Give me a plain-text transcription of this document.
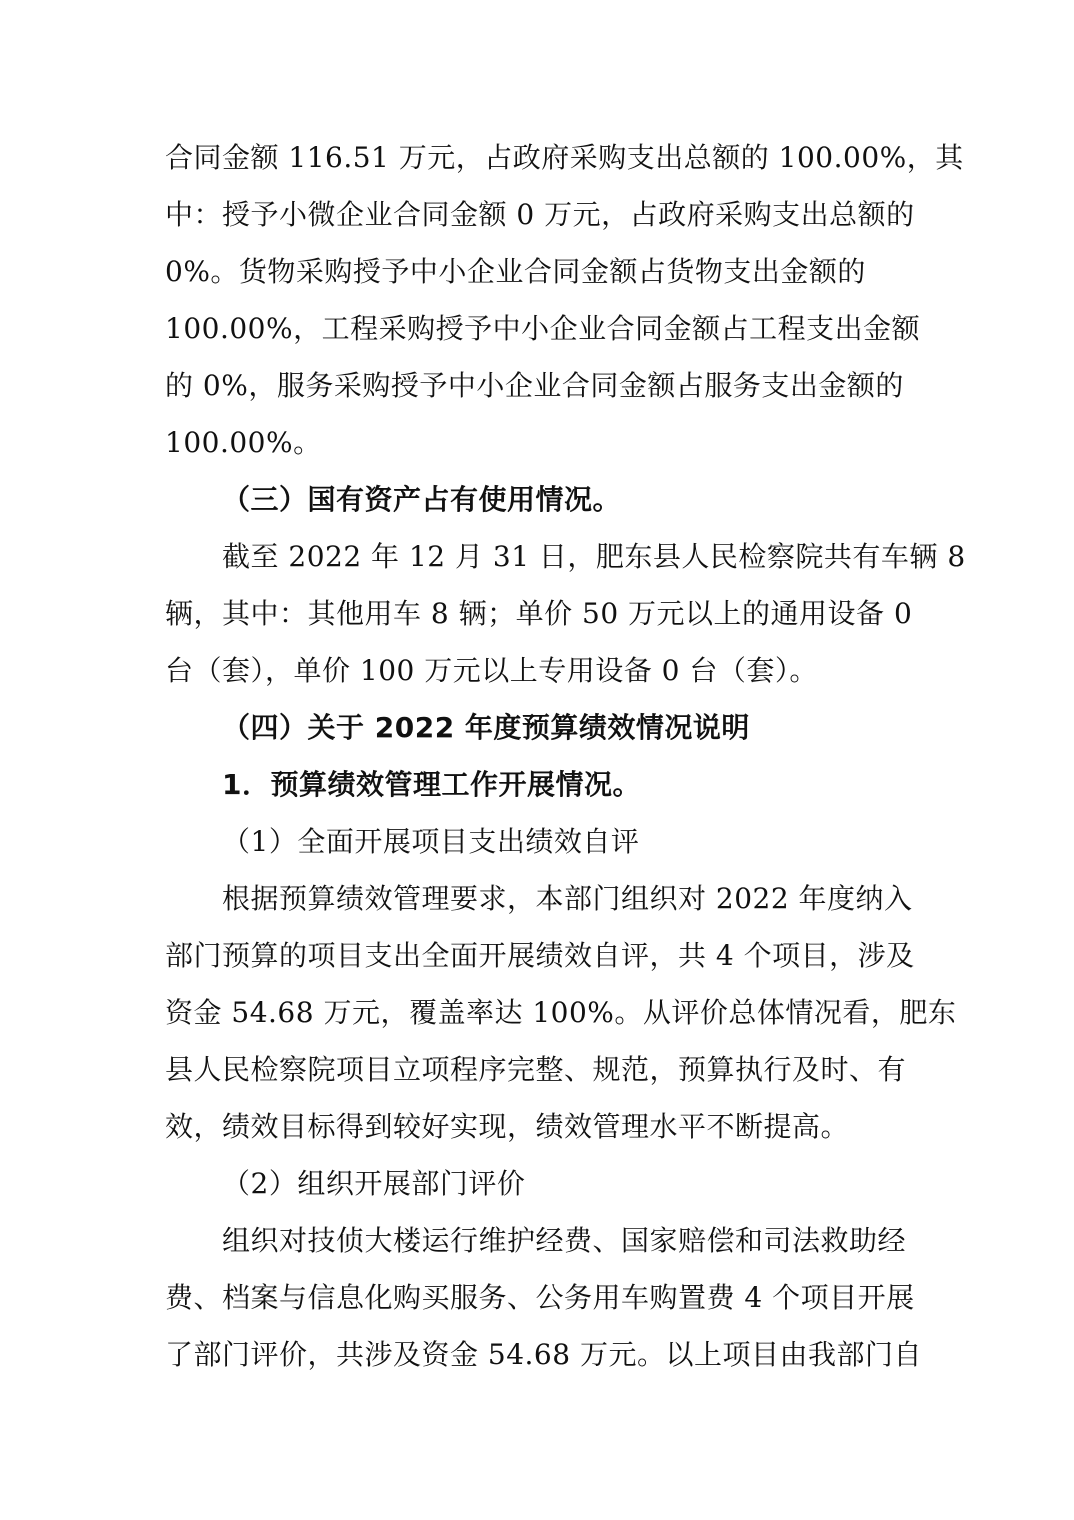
合同金额 116.51 万元，占政府采购支出总额的 100.00%，其
中：授予小微企业合同金额 0 万元，占政府采购支出总额的
0%。货物采购授予中小企业合同金额占货物支出金额的
100.00%，工程采购授予中小企业合同金额占工程支出金额
的 0%，服务采购授予中小企业合同金额占服务支出金额的
100.00%。
（三）国有资产占有使用情况。
截至 2022 年 12 月 31 日，肥东县人民检察院共有车辆 8
辆，其中：其他用车 8 辆；单价 50 万元以上的通用设备 0
台（套），单价 100 万元以上专用设备 0 台（套）。
（四）关于 2022 年度预算绩效情况说明
1．预算绩效管理工作开展情况。
（1）全面开展项目支出绩效自评
根据预算绩效管理要求，本部门组织对 2022 年度纳入
部门预算的项目支出全面开展绩效自评，共 4 个项目，涉及
资金 54.68 万元，覆盖率达 100%。从评价总体情况看，肥东
县人民检察院项目立项程序完整、规范，预算执行及时、有
效，绩效目标得到较好实现，绩效管理水平不断提高。
（2）组织开展部门评价
组织对技侦大楼运行维护经费、国家赔偿和司法救助经
费、档案与信息化购买服务、公务用车购置费 4 个项目开展
了部门评价，共涉及资金 54.68 万元。以上项目由我部门自
